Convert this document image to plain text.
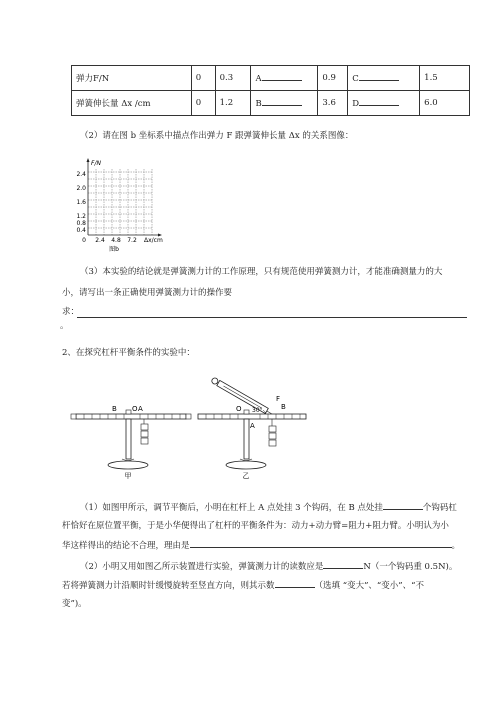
弹力F/N	0	0.3	A	0.9	C	1.5
弹簧伸长量 Δx /cm	0	1.2	B	3.6	D	6.0

（2）请在图 b 坐标系中描点作出弹力 F 跟弹簧伸长量 Δx 的关系图像：

F/N
2.4
2.0
1.6
1.2
0.8
0.4
0 2.4 4.8 7.2 Δx/cm
图b

（3）本实验的结论就是弹簧测力计的工作原理，只有规范使用弹簧测力计，才能准确测量力的大

小，请写出一条正确使用弹簧测力计的操作要

求：

。

2、在探究杠杆平衡条件的实验中：

B O A
甲
F
30°	B
O
A
乙

（1）如图甲所示，调节平衡后，小明在杠杆上 A 点处挂 3 个钩码，在 B 点处挂	个钩码杠

杆恰好在原位置平衡，于是小华便得出了杠杆的平衡条件为：动力+动力臂=阻力+阻力臂。小明认为小

华这样得出的结论不合理，理由是	。

（2）小明又用如图乙所示装置进行实验，弹簧测力计的读数应是	N（一个钩码重 0.5N)。

若将弹簧测力计沿顺时针缓慢旋转至竖直方向，则其示数	（选填 “变大”、“变小”、“不

变”)。
